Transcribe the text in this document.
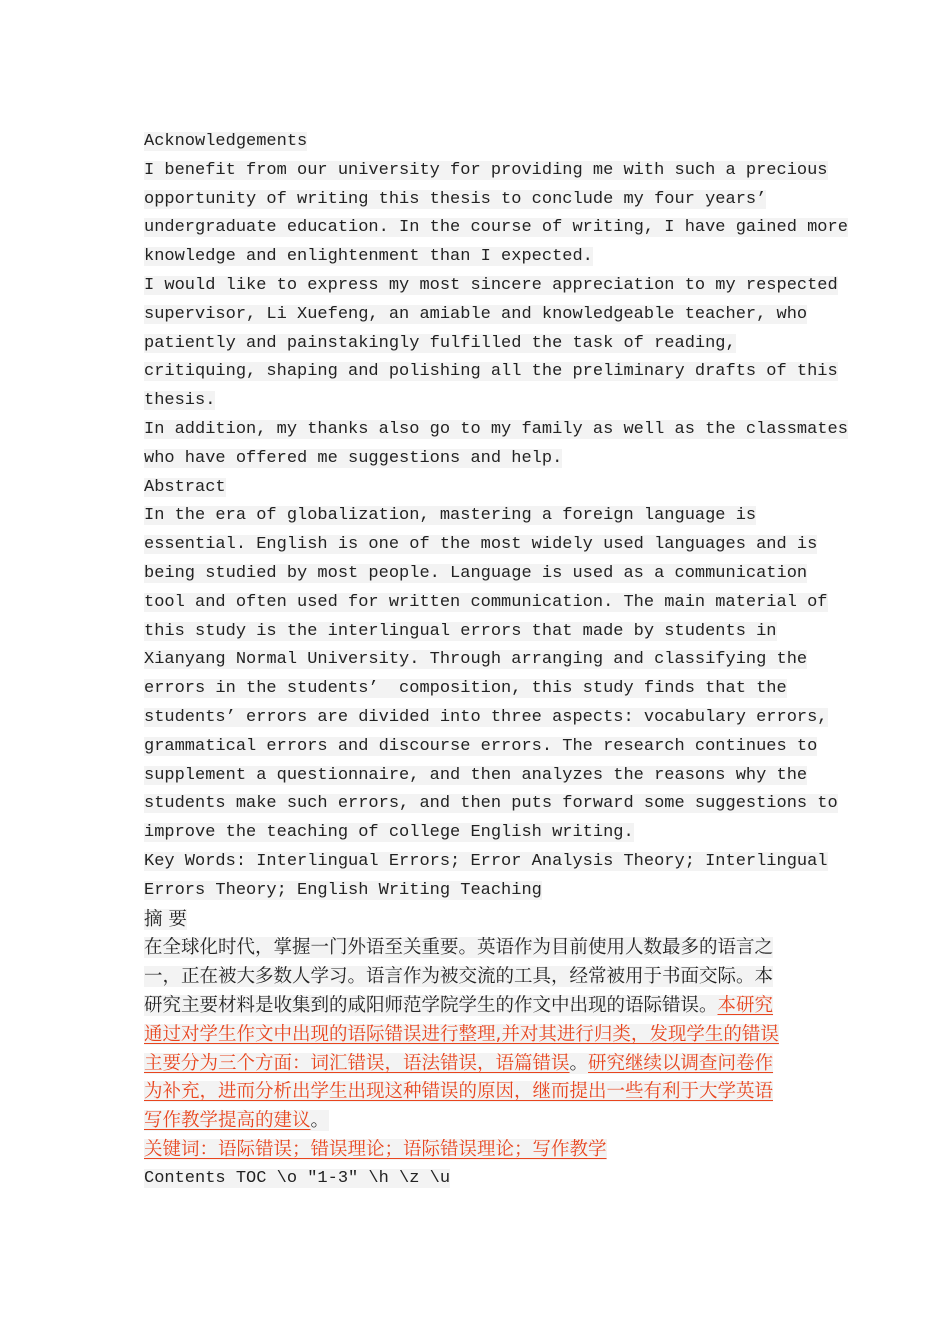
Acknowledgements
I benefit from our university for providing me with such a precious
opportunity of writing this thesis to conclude my four years’
undergraduate education. In the course of writing, I have gained more
knowledge and enlightenment than I expected.
I would like to express my most sincere appreciation to my respected
supervisor, Li Xuefeng, an amiable and knowledgeable teacher, who
patiently and painstakingly fulfilled the task of reading,
critiquing, shaping and polishing all the preliminary drafts of this
thesis.
In addition, my thanks also go to my family as well as the classmates
who have offered me suggestions and help.
Abstract
In the era of globalization, mastering a foreign language is
essential. English is one of the most widely used languages and is
being studied by most people. Language is used as a communication
tool and often used for written communication. The main material of
this study is the interlingual errors that made by students in
Xianyang Normal University. Through arranging and classifying the
errors in the students’  composition, this study finds that the
students’ errors are divided into three aspects: vocabulary errors,
grammatical errors and discourse errors. The research continues to
supplement a questionnaire, and then analyzes the reasons why the
students make such errors, and then puts forward some suggestions to
improve the teaching of college English writing.
Key Words: Interlingual Errors; Error Analysis Theory; Interlingual
Errors Theory; English Writing Teaching
摘 要
在全球化时代，掌握一门外语至关重要。英语作为目前使用人数最多的语言之
一，正在被大多数人学习。语言作为被交流的工具，经常被用于书面交际。本
研究主要材料是收集到的咸阳师范学院学生的作文中出现的语际错误。本研究
通过对学生作文中出现的语际错误进行整理,并对其进行归类，发现学生的错误
主要分为三个方面：词汇错误，语法错误，语篇错误。研究继续以调查问卷作
为补充，进而分析出学生出现这种错误的原因，继而提出一些有利于大学英语
写作教学提高的建议。
关键词：语际错误；错误理论；语际错误理论；写作教学
Contents TOC \o "1-3" \h \z \u
